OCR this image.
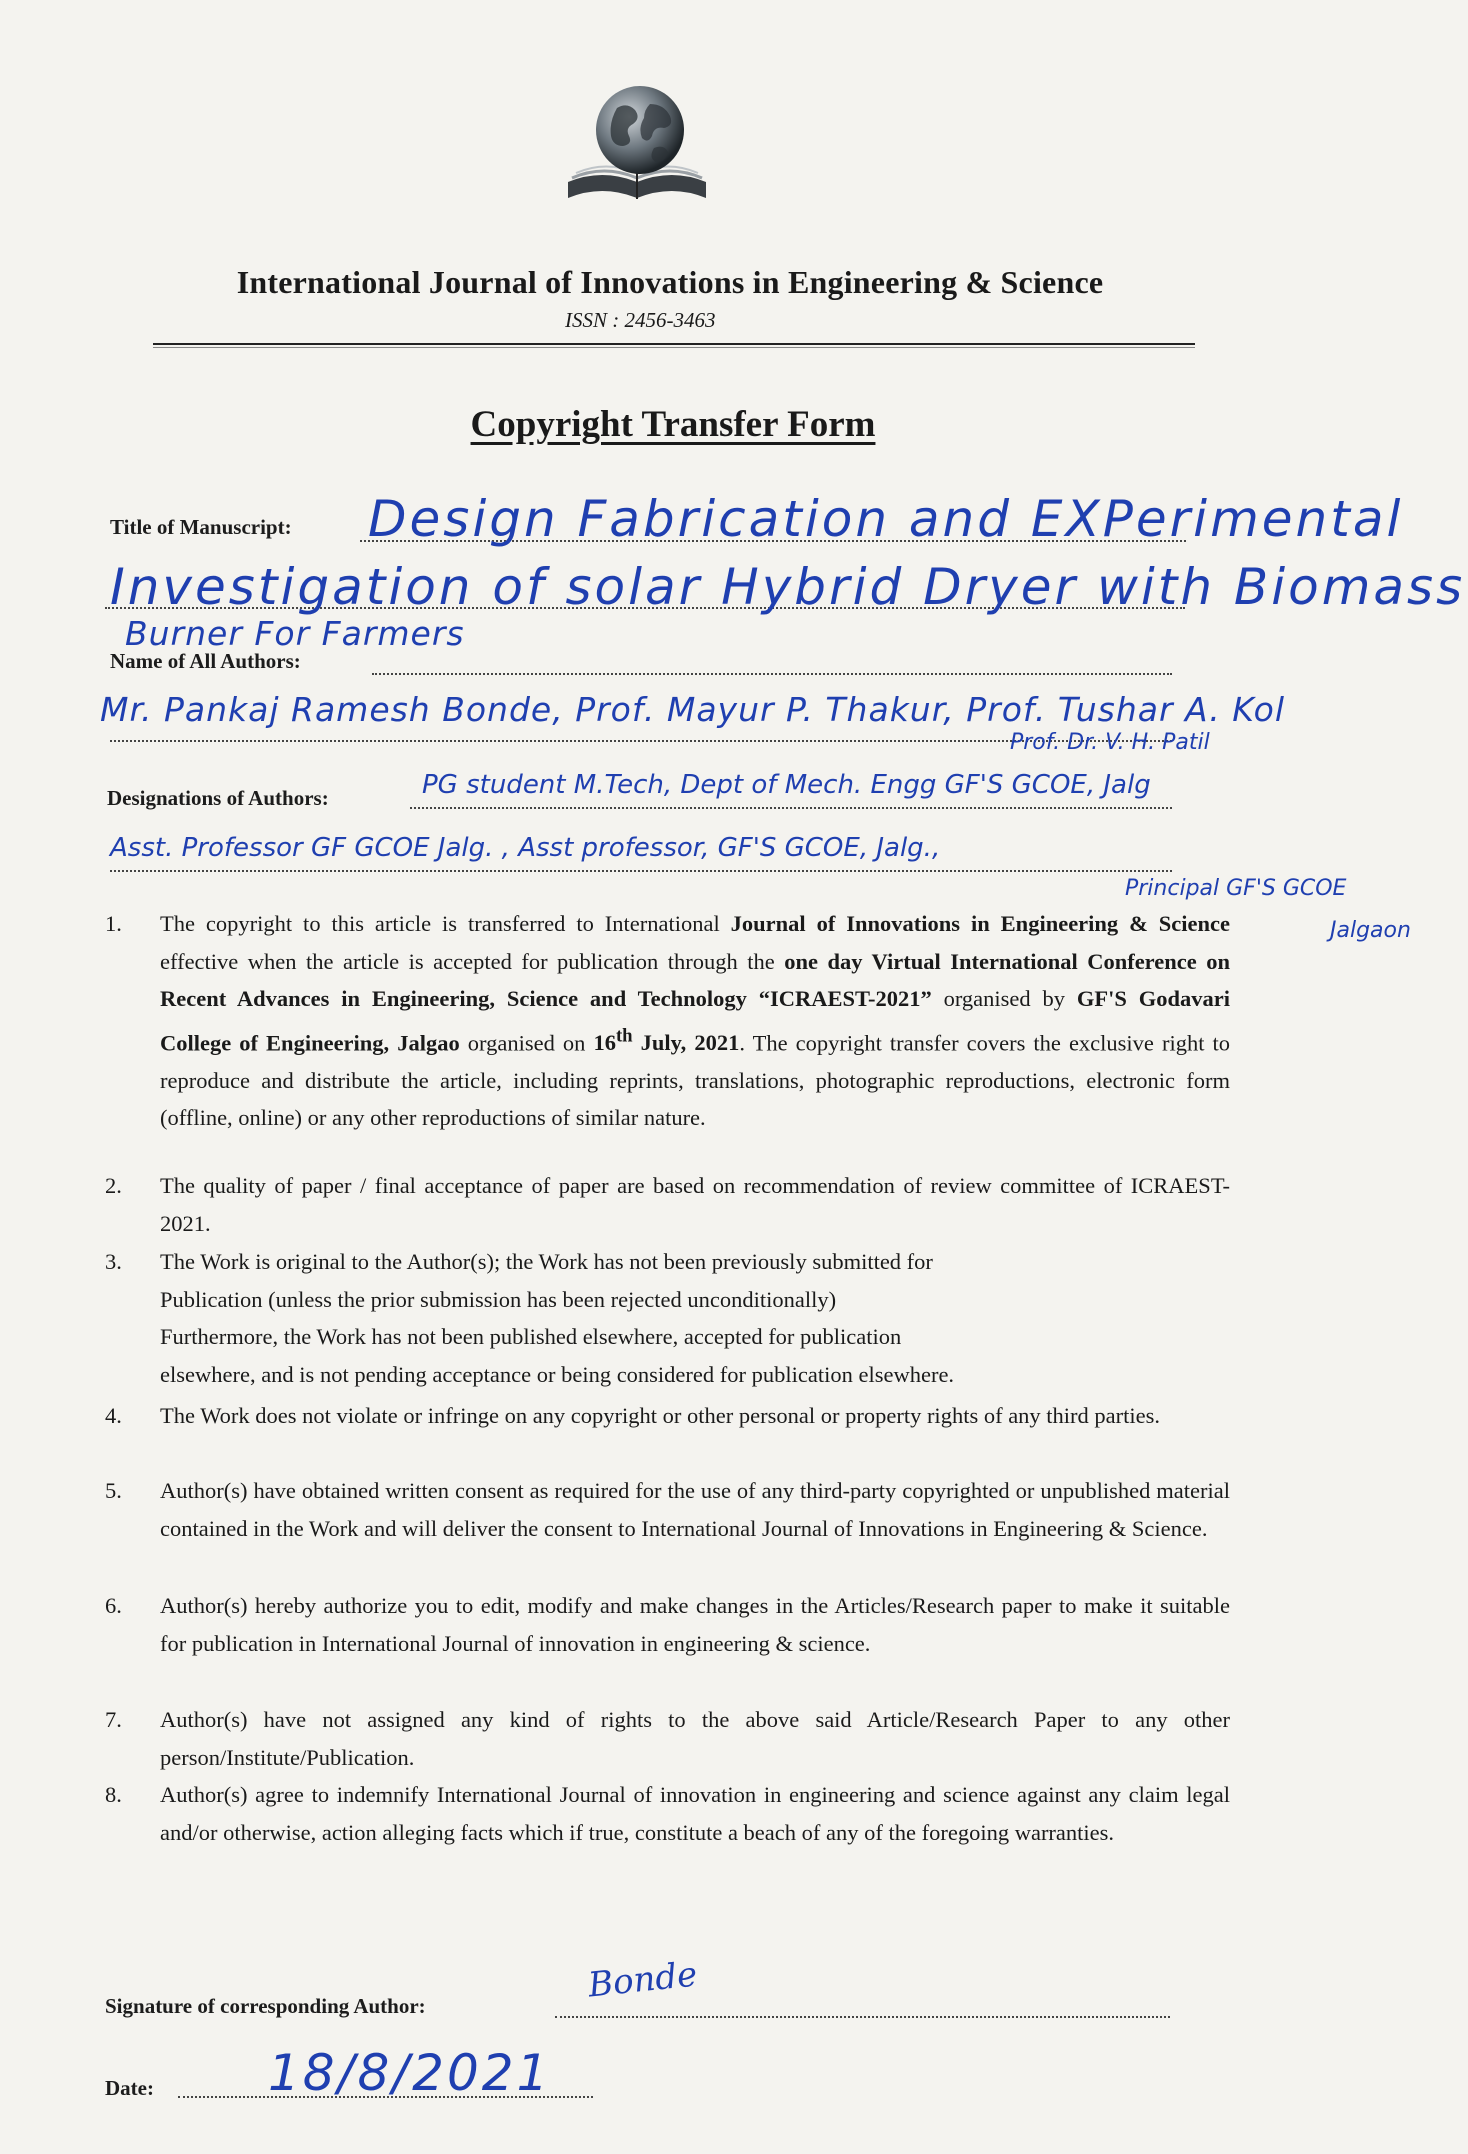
International Journal of Innovations in Engineering & Science
ISSN : 2456-3463
Copyright Transfer Form
Title of Manuscript: Design Fabrication and EXPerimental
Investigation of solar Hybrid Dryer with Biomass
Burner For Farmers
Name of All Authors:
Mr. Pankaj Ramesh Bonde, Prof. Mayur P. Thakur, Prof. Tushar A. Kol
Prof. Dr. V. H. Patil
Designations of Authors:	PG student M.Tech, Dept of Mech. Engg GF'S GCOE, Jalg
Asst. Professor GF GCOE Jalg. , Asst professor, GF'S GCOE, Jalg.,
Principal GF'S GCOE
Jalgaon
1. The copyright to this article is transferred to International Journal of Innovations in Engineering & Science effective when the article is accepted for publication through the one day Virtual International Conference on Recent Advances in Engineering, Science and Technology “ICRAEST-2021” organised by GF'S Godavari College of Engineering, Jalgao organised on 16th July, 2021. The copyright transfer covers the exclusive right to reproduce and distribute the article, including reprints, translations, photographic reproductions, electronic form (offline, online) or any other reproductions of similar nature.
2. The quality of paper / final acceptance of paper are based on recommendation of review committee of ICRAEST-2021.
3. The Work is original to the Author(s); the Work has not been previously submitted for
Publication (unless the prior submission has been rejected unconditionally)
Furthermore, the Work has not been published elsewhere, accepted for publication
elsewhere, and is not pending acceptance or being considered for publication elsewhere.
4. The Work does not violate or infringe on any copyright or other personal or property rights of any third parties.
5. Author(s) have obtained written consent as required for the use of any third-party copyrighted or unpublished material contained in the Work and will deliver the consent to International Journal of Innovations in Engineering & Science.
6. Author(s) hereby authorize you to edit, modify and make changes in the Articles/Research paper to make it suitable for publication in International Journal of innovation in engineering & science.
7. Author(s) have not assigned any kind of rights to the above said Article/Research Paper to any other person/Institute/Publication.
8. Author(s) agree to indemnify International Journal of innovation in engineering and science against any claim legal and/or otherwise, action alleging facts which if true, constitute a beach of any of the foregoing warranties.
Signature of corresponding Author:
Bonde
Date: 18/8/2021
